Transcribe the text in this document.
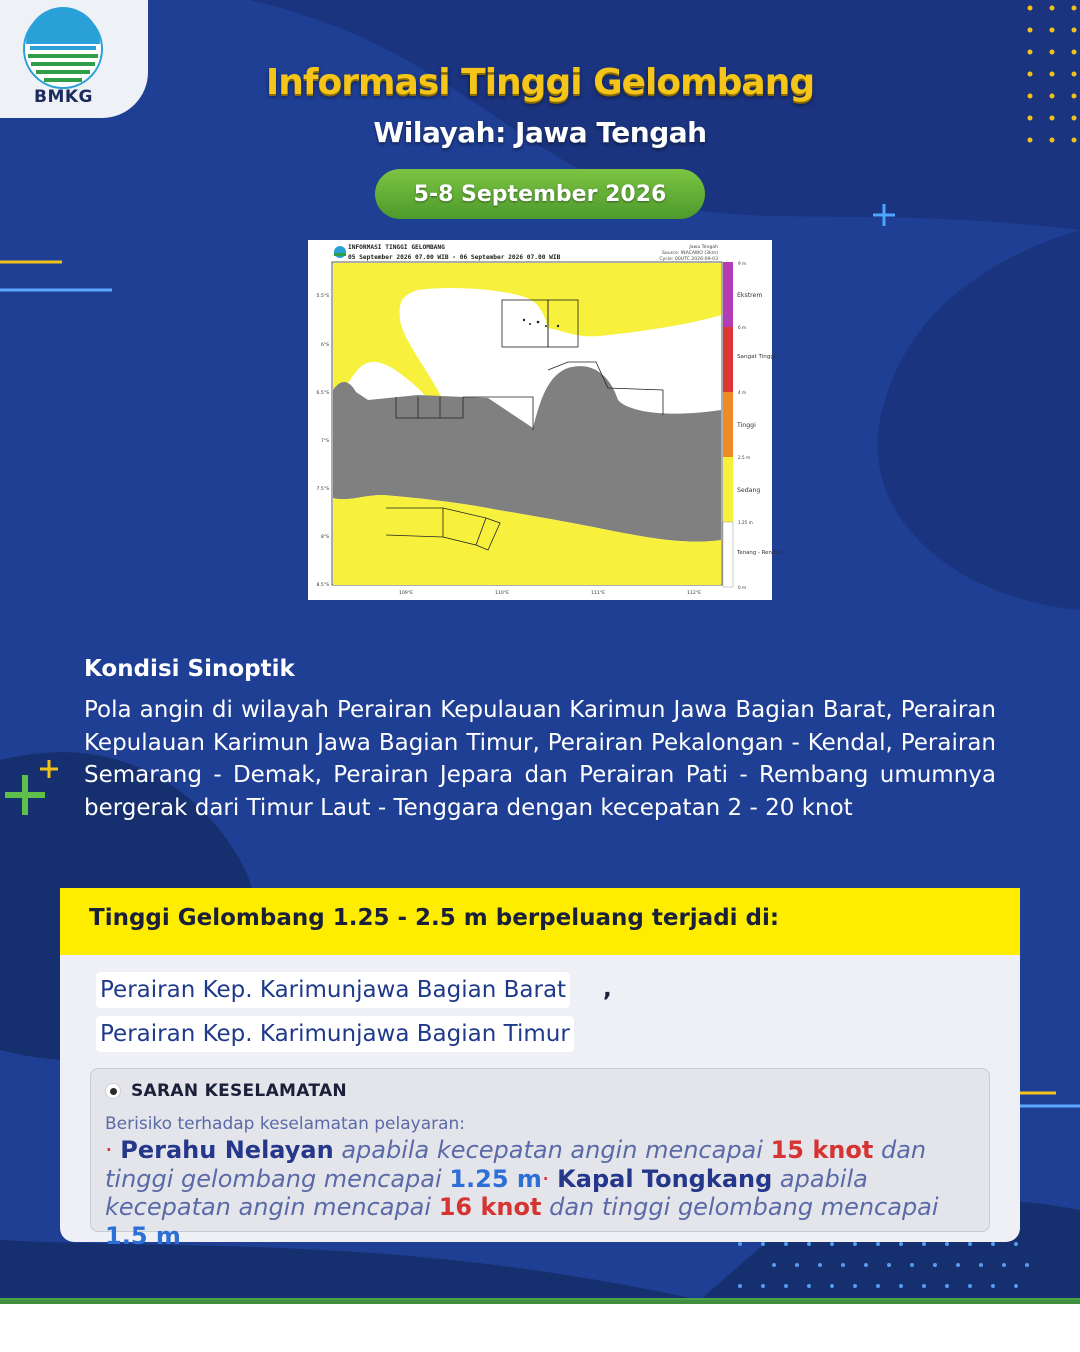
BMKG	Informasi Tinggi Gelombang
Wilayah: Jawa Tengah
5-8 September 2026
INFORMASI TINGGI GELOMBANG
05 September 2026 07.00 WIB - 06 September 2026 07.00 WIB
Jawa Tengah
Source: INACAWO (3km)
Cycle: 00UTC 2026-09-03
5.5°S
6°S
6.5°S
7°S
7.5°S
8°S
8.5°S
109°E	110°E	111°E	112°E
9 m
6 m
4 m
2.5 m
1.25 m
0 m
Ekstrem
Sangat Tinggi
Tinggi
Sedang
Tenang - Rendah
Kondisi Sinoptik
Pola angin di wilayah Perairan Kepulauan Karimun Jawa Bagian Barat, Perairan Kepulauan Karimun Jawa Bagian Timur, Perairan Pekalongan - Kendal, Perairan Semarang - Demak, Perairan Jepara dan Perairan Pati - Rembang umumnya bergerak dari Timur Laut - Tenggara dengan kecepatan 2 - 20 knot
Tinggi Gelombang 1.25 - 2.5 m berpeluang terjadi di:
Perairan Kep. Karimunjawa Bagian Barat ,
Perairan Kep. Karimunjawa Bagian Timur
SARAN KESELAMATAN
Berisiko terhadap keselamatan pelayaran:
· Perahu Nelayan apabila kecepatan angin mencapai 15 knot dan tinggi gelombang mencapai 1.25 m· Kapal Tongkang apabila kecepatan angin mencapai 16 knot dan tinggi gelombang mencapai 1.5 m
